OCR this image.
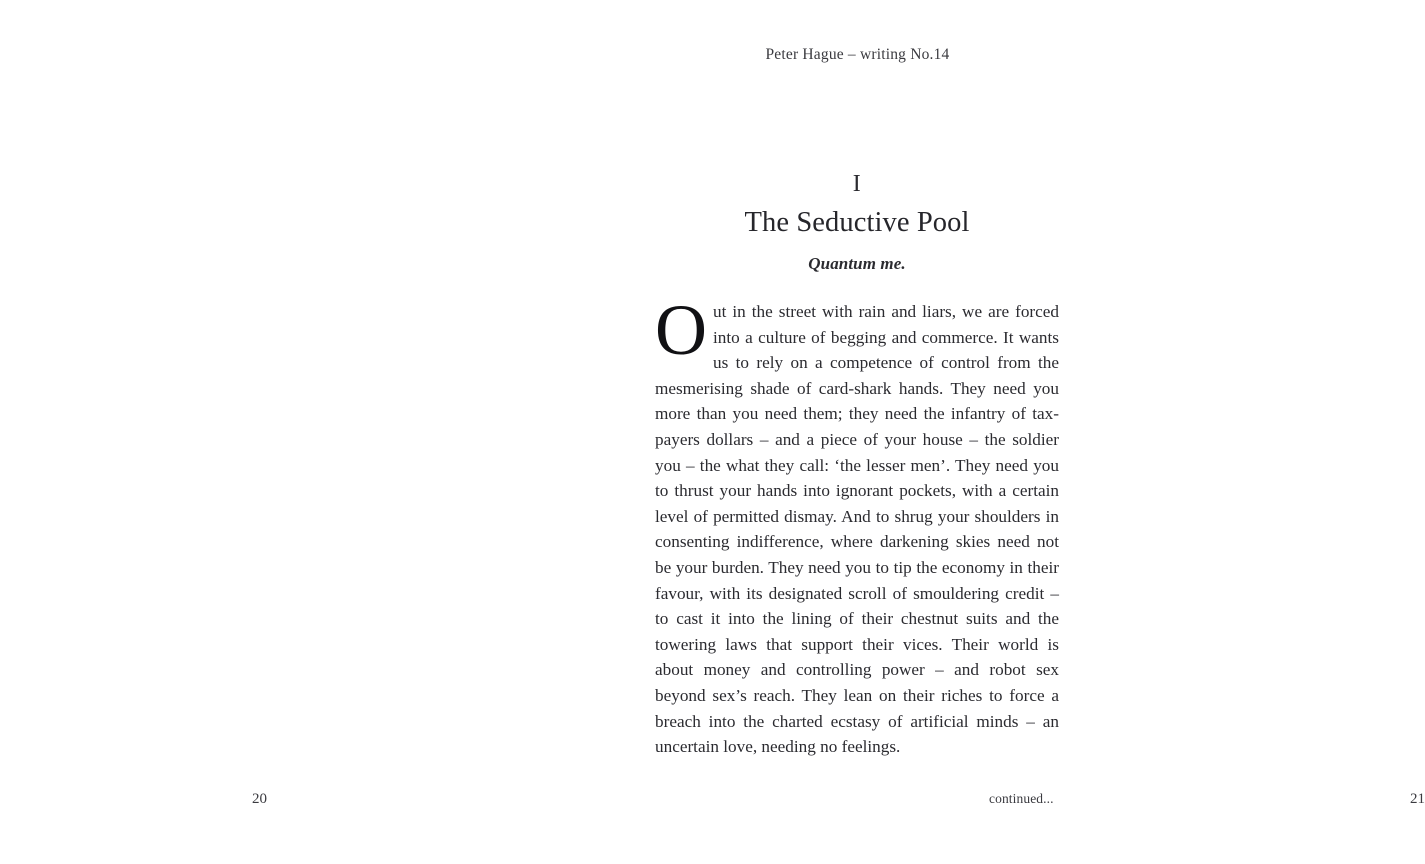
Peter Hague – writing No.14
20
I
The Seductive Pool
Quantum me.
O ut in the street with rain and liars, we are forced into a culture of begging and commerce. It wants us to rely on a competence of control from the mesmerising shade of card-shark hands. They need you more than you need them; they need the infantry of tax-payers dollars – and a piece of your house – the soldier you – the what they call: ‘the lesser men’. They need you to thrust your hands into ignorant pockets, with a certain level of permitted dismay. And to shrug your shoulders in consenting indifference, where darkening skies need not be your burden. They need you to tip the economy in their favour, with its designated scroll of smouldering credit – to cast it into the lining of their chestnut suits and the towering laws that support their vices. Their world is about money and controlling power – and robot sex beyond sex’s reach. They lean on their riches to force a breach into the charted ecstasy of artificial minds – an uncertain love, needing no feelings.

21
continued...
